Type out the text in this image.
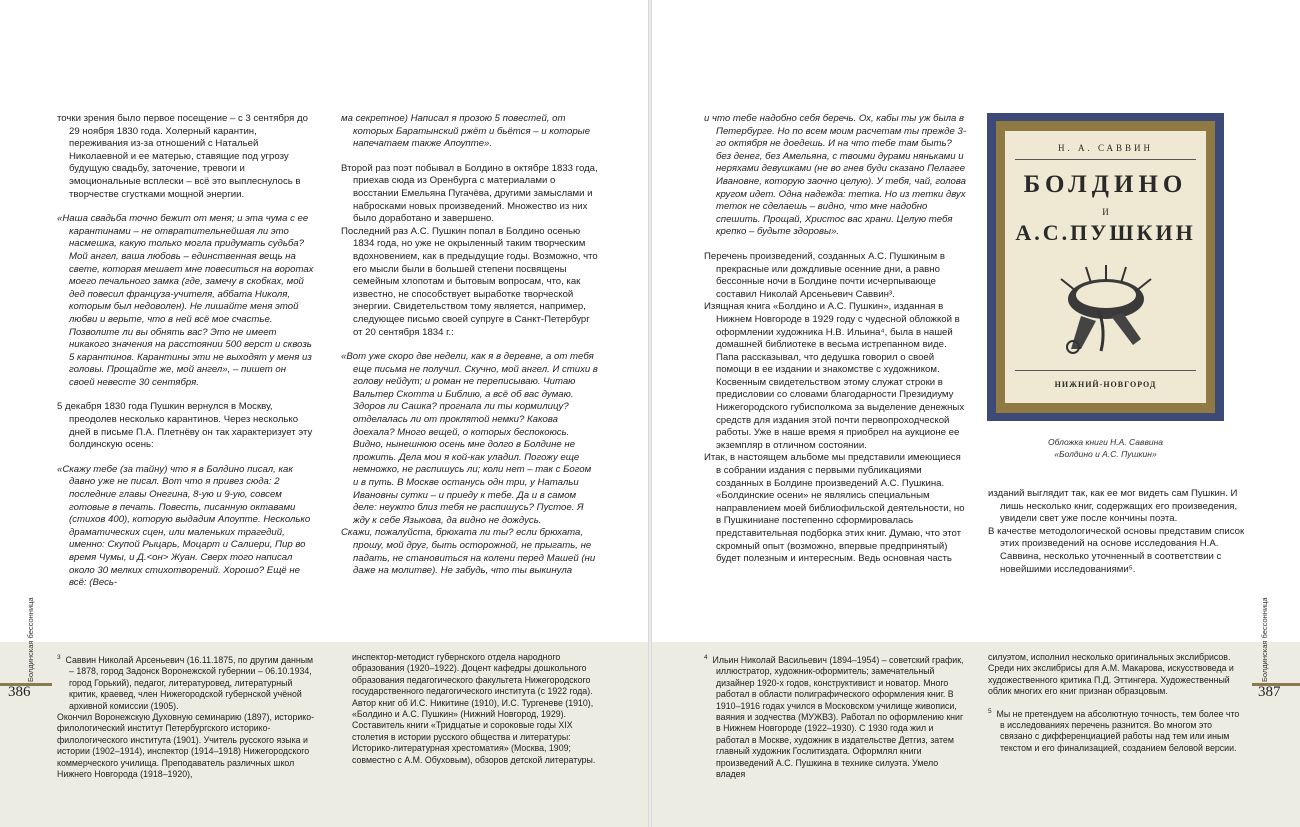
точки зрения было первое посещение – с 3 сентября до 29 ноября 1830 года. Холерный карантин, переживания из-за отношений с Натальей Николаевной и ее матерью, ставящие под угрозу будущую свадьбу, заточение, тревоги и эмоциональные всплески – всё это выплеснулось в творчестве сгустками мощной энергии.

«Наша свадьба точно бежит от меня; и эта чума с ее карантинами – не отвратительнейшая ли это насмешка, какую только могла придумать судьба? Мой ангел, ваша любовь – единственная вещь на свете, которая мешает мне повеситься на воротах моего печального замка (где, замечу в скобках, мой дед повесил француза-учителя, аббата Николя, которым был недоволен). Не лишайте меня этой любви и верьте, что в ней всё мое счастье. Позволите ли вы обнять вас? Это не имеет никакого значения на расстоянии 500 верст и сквозь 5 карантинов. Карантины эти не выходят у меня из головы. Прощайте же, мой ангел», – пишет он своей невесте 30 сентября.

5 декабря 1830 года Пушкин вернулся в Москву, преодолев несколько карантинов. Через несколько дней в письме П.А. Плетнёву он так характеризует эту болдинскую осень:

«Скажу тебе (за тайну) что я в Болдино писал, как давно уже не писал. Вот что я привез сюда: 2 последние главы Онегина, 8-ую и 9-ую, совсем готовые в печать. Повесть, писанную октавами (стихов 400), которую выдадим Апоупте. Несколько драматических сцен, или маленьких трагедий, именно: Скупой Рыцарь, Моцарт и Салиери, Пир во время Чумы, и Д.<он> Жуан. Сверх того написал около 30 мелких стихотворений. Хорошо? Ещё не всё: (Весь-

ма секретное) Написал я прозою 5 повестей, от которых Баратынский ржёт и бьётся – и которые напечатаем также Апоупте».

Второй раз поэт побывал в Болдино в октябре 1833 года, приехав сюда из Оренбурга с материалами о восстании Емельяна Пугачёва, другими замыслами и набросками новых произведений. Множество из них было доработано и завершено.

Последний раз А.С. Пушкин попал в Болдино осенью 1834 года, но уже не окрыленный таким творческим вдохновением, как в предыдущие годы. Возможно, что его мысли были в большей степени посвящены семейным хлопотам и бытовым вопросам, что, как известно, не способствует выработке творческой энергии. Свидетельством тому является, например, следующее письмо своей супруге в Санкт-Петербург от 20 сентября 1834 г.:

«Вот уже скоро две недели, как я в деревне, а от тебя еще письма не получил. Скучно, мой ангел. И стихи в голову нейдут; и роман не переписываю. Читаю Вальтер Скотта и Библию, а всё об вас думаю. Здоров ли Сашка? прогнала ли ты кормилицу? отделалась ли от проклятой немки? Какова доехала? Много вещей, о которых беспокоюсь. Видно, нынешнюю осень мне долго в Болдине не прожить. Дела мои я кой-как уладил. Погожу еще немножко, не распишусь ли; коли нет – так с Богом и в путь. В Москве останусь одн три, у Натальи Ивановны сутки – и приеду к тебе. Да и в самом деле: неужто близ тебя не распишусь? Пустое. Я жду к себе Языкова, да видно не дождусь.

Скажи, пожалуйста, брюхата ли ты? если брюхата, прошу, мой друг, быть осторожной, не прыгать, не падать, не становиться на колени перед Машей (ни даже на молитве). Не забудь, что ты выкинула

Болдинская бессонница
386

$^3$ Саввин Николай Арсеньевич (16.11.1875, по другим данным – 1878, город Задонск Воронежской губернии – 06.10.1934, город Горький), педагог, литературовед, литературный критик, краевед, член Нижегородской губернской учёной архивной комиссии (1905).

Окончил Воронежскую Духовную семинарию (1897), историко-филологический институт Петербургского историко-филологического института (1901). Учитель русского языка и истории (1902–1914), инспектор (1914–1918) Нижегородского коммерческого училища. Преподаватель различных школ Нижнего Новгорода (1918–1920),

инспектор-методист губернского отдела народного образования (1920–1922). Доцент кафедры дошкольного образования педагогического факультета Нижегородского государственного педагогического института (с 1922 года).

Автор книг об И.С. Никитине (1910), И.С. Тургеневе (1910), «Болдино и А.С. Пушкин» (Нижний Новгород, 1929). Составитель книги «Тридцатые и сороковые годы XIX столетия в истории русского общества и литературы: Историко-литературная хрестоматия» (Москва, 1909; совместно с А.М. Обуховым), обзоров детской литературы.

и что тебе надобно себя беречь. Ох, кабы ты уж была в Петербурге. Но по всем моим расчетам ты прежде 3-го октября не доедешь. И на что тебе там быть? без денег, без Амельяна, с твоими дурами няньками и неряхами девушками (не во гнев буди сказано Пелагее Ивановне, которую заочно целую). У тебя, чай, голова кругом идет. Одна надежда: тетка. Но из тетки двух теток не сделаешь – видно, что мне надобно спешить. Прощай, Христос вас храни. Целую тебя крепко – будьте здоровы».

Перечень произведений, созданных А.С. Пушкиным в прекрасные или дождливые осенние дни, а равно бессонные ночи в Болдине почти исчерпывающе составил Николай Арсеньевич Саввин³.

Изящная книга «Болдино и А.С. Пушкин», изданная в Нижнем Новгороде в 1929 году с чудесной обложкой в оформлении художника Н.В. Ильина⁴, была в нашей домашней библиотеке в весьма истрепанном виде. Папа рассказывал, что дедушка говорил о своей помощи в ее издании и знакомстве с художником. Косвенным свидетельством этому служат строки в предисловии со словами благодарности Президиуму Нижегородского губисполкома за выделение денежных средств для издания этой почти первопроходческой работы. Уже в наше время я приобрел на аукционе ее экземпляр в отличном состоянии.

Итак, в настоящем альбоме мы представили имеющиеся в собрании издания с первыми публикациями созданных в Болдине произведений А.С. Пушкина. «Болдинские осени» не являлись специальным направлением моей библиофильской деятельности, но в Пушкиниане постепенно сформировалась представительная подборка этих книг. Думаю, что этот скромный опыт (возможно, впервые предпринятый) будет полезным и интересным. Ведь основная часть

Н. А. САВВИН
БОЛДИНО
И
А.С.ПУШКИН
НИЖНИЙ-НОВГОРОД
Обложка книги Н.А. Саввина
«Болдино и А.С. Пушкин»

изданий выглядит так, как ее мог видеть сам Пушкин. И лишь несколько книг, содержащих его произведения, увидели свет уже после кончины поэта.

В качестве методологической основы представим список этих произведений на основе исследования Н.А. Саввина, несколько уточненный в соответствии с новейшими исследованиями⁵.

Болдинская бессонница
387

$^4$ Ильин Николай Васильевич (1894–1954) – советский график, иллюстратор, художник-оформитель; замечательный дизайнер 1920-х годов, конструктивист и новатор. Много работал в области полиграфического оформления книг. В 1910–1916 годах учился в Московском училище живописи, ваяния и зодчества (МУЖВЗ). Работал по оформлению книг в Нижнем Новгороде (1922–1930). С 1930 года жил и работал в Москве, художник в издательстве Детгиз, затем главный художник Гослитиздата. Оформлял книги произведений А.С. Пушкина в технике силуэта. Умело владея

силуэтом, исполнил несколько оригинальных экслибрисов. Среди них экслибрисы для А.М. Макарова, искусствоведа и художественного критика П.Д. Эттингера. Художественный облик многих его книг признан образцовым.

$^5$ Мы не претендуем на абсолютную точность, тем более что в исследованиях перечень разнится. Во многом это связано с дифференциацией работы над тем или иным текстом и его финализацией, созданием беловой версии.
